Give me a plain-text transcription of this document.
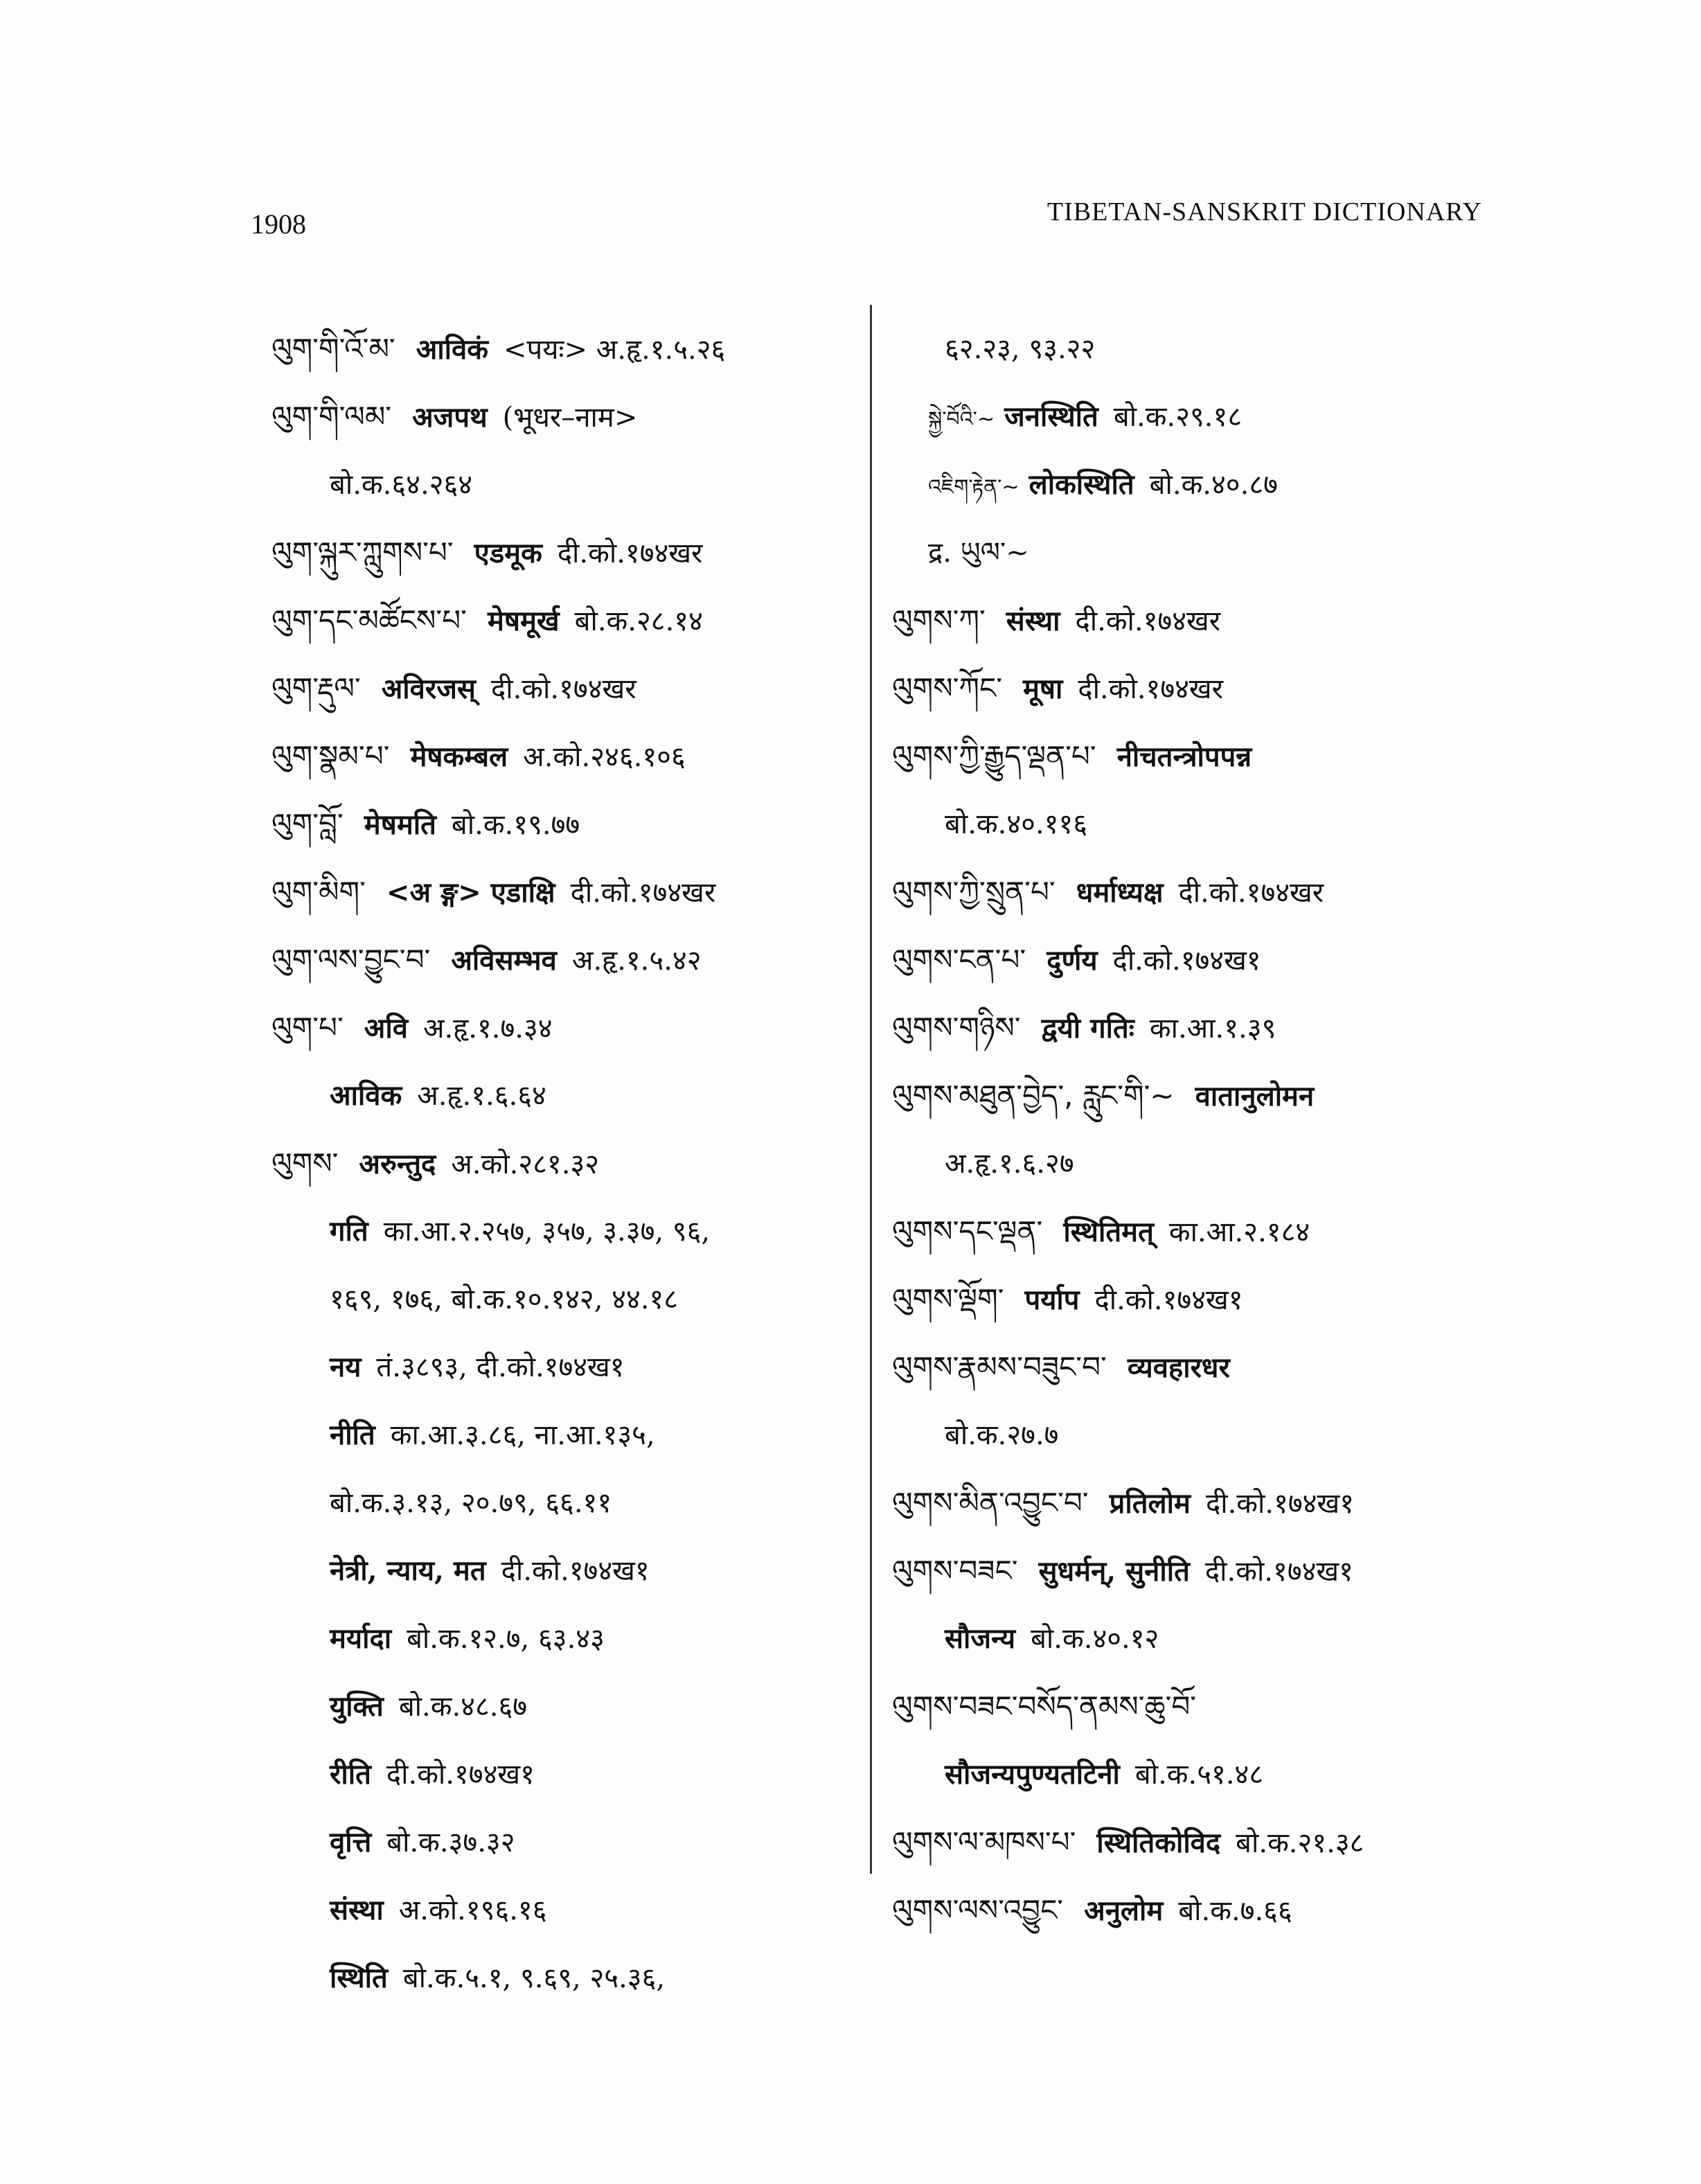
1908	TIBETAN-SANSKRIT DICTIONARY
ལུག་གི་འོ་མ་ आविकं <पयः> अ.हृ.१.५.२६
ལུག་གི་ལམ་ अजपथ (भूधर–नाम>
बो.क.६४.२६४
ལུག་ལྐུར་ཀླུགས་པ་ एडमूक दी.को.१७४खर
ལུག་དང་མཚོངས་པ་ मेषमूर्ख बो.क.२८.१४
ལུག་རྡུལ་ अविरजस् दी.को.१७४खर
ལུག་སྣམ་པ་ मेषकम्बल अ.को.२४६.१०६
ལུག་བློ་ मेषमति बो.क.१९.७७
ལུག་མིག་ <अ ङ्ग> एडाक्षि दी.को.१७४खर
ལུག་ལས་བྱུང་བ་ अविसम्भव अ.हृ.१.५.४२
ལུག་པ་ अवि अ.हृ.१.७.३४
आविक अ.हृ.१.६.६४
ལུགས་ अरुन्तुद अ.को.२८१.३२
गति का.आ.२.२५७, ३५७, ३.३७, ९६,
१६९, १७६, बो.क.१०.१४२, ४४.१८
नय तं.३८९३, दी.को.१७४ख१
नीति का.आ.३.८६, ना.आ.१३५,
बो.क.३.१३, २०.७९, ६६.११
नेत्री, न्याय, मत दी.को.१७४ख१
मर्यादा बो.क.१२.७, ६३.४३
युक्ति बो.क.४८.६७
रीति दी.को.१७४ख१
वृत्ति बो.क.३७.३२
संस्था अ.को.१९६.१६
स्थिति बो.क.५.१, ९.६९, २५.३६,
६२.२३, ९३.२२
སྐྱེ་བོའི་~ जनस्थिति बो.क.२९.१८
འཇིག་རྟེན་~ लोकस्थिति बो.क.४०.८७
द्र. ཡུལ་~
ལུགས་ཀ་ संस्था दी.को.१७४खर
ལུགས་ཀོང་ मूषा दी.को.१७४खर
ལུགས་ཀྱི་རྒྱུད་ལྡན་པ་ नीचतन्त्रोपपन्न
बो.क.४०.११६
ལུགས་ཀྱི་སྲུན་པ་ धर्माध्यक्ष दी.को.१७४खर
ལུགས་ངན་པ་ दुर्णय दी.को.१७४ख१
ལུགས་གཉིས་ द्वयी गतिः का.आ.१.३९
ལུགས་མཐུན་བྱེད་, རླུང་གི་~ वातानुलोमन
अ.हृ.१.६.२७
ལུགས་དང་ལྡན་ स्थितिमत् का.आ.२.१८४
ལུགས་ལྡོག་ पर्याप दी.को.१७४ख१
ལུགས་རྣམས་བཟུང་བ་ व्यवहारधर
बो.क.२७.७
ལུགས་མིན་འབྱུང་བ་ प्रतिलोम दी.को.१७४ख१
ལུགས་བཟང་ सुधर्मन्, सुनीति दी.को.१७४ख१
सौजन्य बो.क.४०.१२
ལུགས་བཟང་བསོད་ནམས་ཆུ་བོ་
सौजन्यपुण्यतटिनी बो.क.५१.४८
ལུགས་ལ་མཁས་པ་ स्थितिकोविद बो.क.२१.३८
ལུགས་ལས་འབྱུང་ अनुलोम बो.क.७.६६
